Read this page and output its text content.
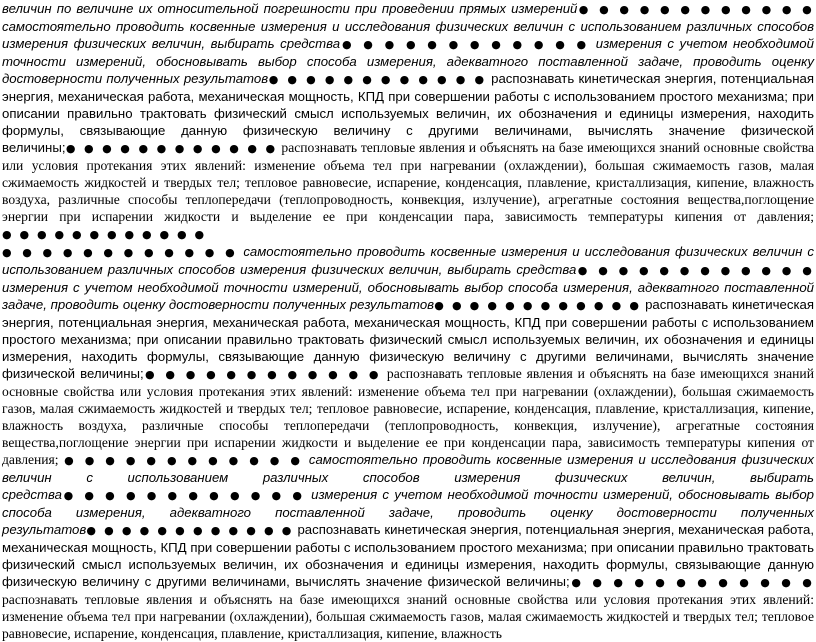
величин по величине их относительной погрешности при проведении прямых измерений● ● ● ● ● ● ● ● ● ● ● ● самостоятельно проводить косвенные измерения и исследования физических величин с использованием различных способов измерения физических величин, выбирать средства● ● ● ● ● ● ● ● ● ● ● ● измерения с учетом необходимой точности измерений, обосновывать выбор способа измерения, адекватного поставленной задаче, проводить оценку достоверности полученных результатов● ● ● ● ● ● ● ● ● ● ● ● распознавать кинетическая энергия, потенциальная энергия, механическая работа, механическая мощность, КПД при совершении работы с использованием простого механизма; при описании правильно трактовать физический смысл используемых величин, их обозначения и единицы измерения, находить формулы, связывающие данную физическую величину с другими величинами, вычислять значение физической величины;● ● ● ● ● ● ● ● ● ● ● ● распознавать тепловые явления и объяснять на базе имеющихся знаний основные свойства или условия протекания этих явлений: изменение объема тел при нагревании (охлаждении), большая сжимаемость газов, малая сжимаемость жидкостей и твердых тел; тепловое равновесие, испарение, конденсация, плавление, кристаллизация, кипение, влажность воздуха, различные способы теплопередачи (теплопроводность, конвекция, излучение), агрегатные состояния вещества,поглощение энергии при испарении жидкости и выделение ее при конденсации пара, зависимость температуры кипения от давления; ● ● ● ● ● ● ● ● ● ● ● ●

● ● ● ● ● ● ● ● ● ● ● ● самостоятельно проводить косвенные измерения и исследования физических величин с использованием различных способов измерения физических величин, выбирать средства● ● ● ● ● ● ● ● ● ● ● ● измерения с учетом необходимой точности измерений, обосновывать выбор способа измерения, адекватного поставленной задаче, проводить оценку достоверности полученных результатов● ● ● ● ● ● ● ● ● ● ● ● распознавать кинетическая энергия, потенциальная энергия, механическая работа, механическая мощность, КПД при совершении работы с использованием простого механизма; при описании правильно трактовать физический смысл используемых величин, их обозначения и единицы измерения, находить формулы, связывающие данную физическую величину с другими величинами, вычислять значение физической величины;● ● ● ● ● ● ● ● ● ● ● ● распознавать тепловые явления и объяснять на базе имеющихся знаний основные свойства или условия протекания этих явлений: изменение объема тел при нагревании (охлаждении), большая сжимаемость газов, малая сжимаемость жидкостей и твердых тел; тепловое равновесие, испарение, конденсация, плавление, кристаллизация, кипение, влажность воздуха, различные способы теплопередачи (теплопроводность, конвекция, излучение), агрегатные состояния вещества,поглощение энергии при испарении жидкости и выделение ее при конденсации пара, зависимость температуры кипения от давления; ● ● ● ● ● ● ● ● ● ● ● ● самостоятельно проводить косвенные измерения и исследования физических величин с использованием различных способов измерения физических величин, выбирать средства● ● ● ● ● ● ● ● ● ● ● ● измерения с учетом необходимой точности измерений, обосновывать выбор способа измерения, адекватного поставленной задаче, проводить оценку достоверности полученных результатов● ● ● ● ● ● ● ● ● ● ● ● распознавать кинетическая энергия, потенциальная энергия, механическая работа, механическая мощность, КПД при совершении работы с использованием простого механизма; при описании правильно трактовать физический смысл используемых величин, их обозначения и единицы измерения, находить формулы, связывающие данную физическую величину с другими величинами, вычислять значение физической величины;● ● ● ● ● ● ● ● ● ● ● ● распознавать тепловые явления и объяснять на базе имеющихся знаний основные свойства или условия протекания этих явлений: изменение объема тел при нагревании (охлаждении), большая сжимаемость газов, малая сжимаемость жидкостей и твердых тел; тепловое равновесие, испарение, конденсация, плавление, кристаллизация, кипение, влажность
